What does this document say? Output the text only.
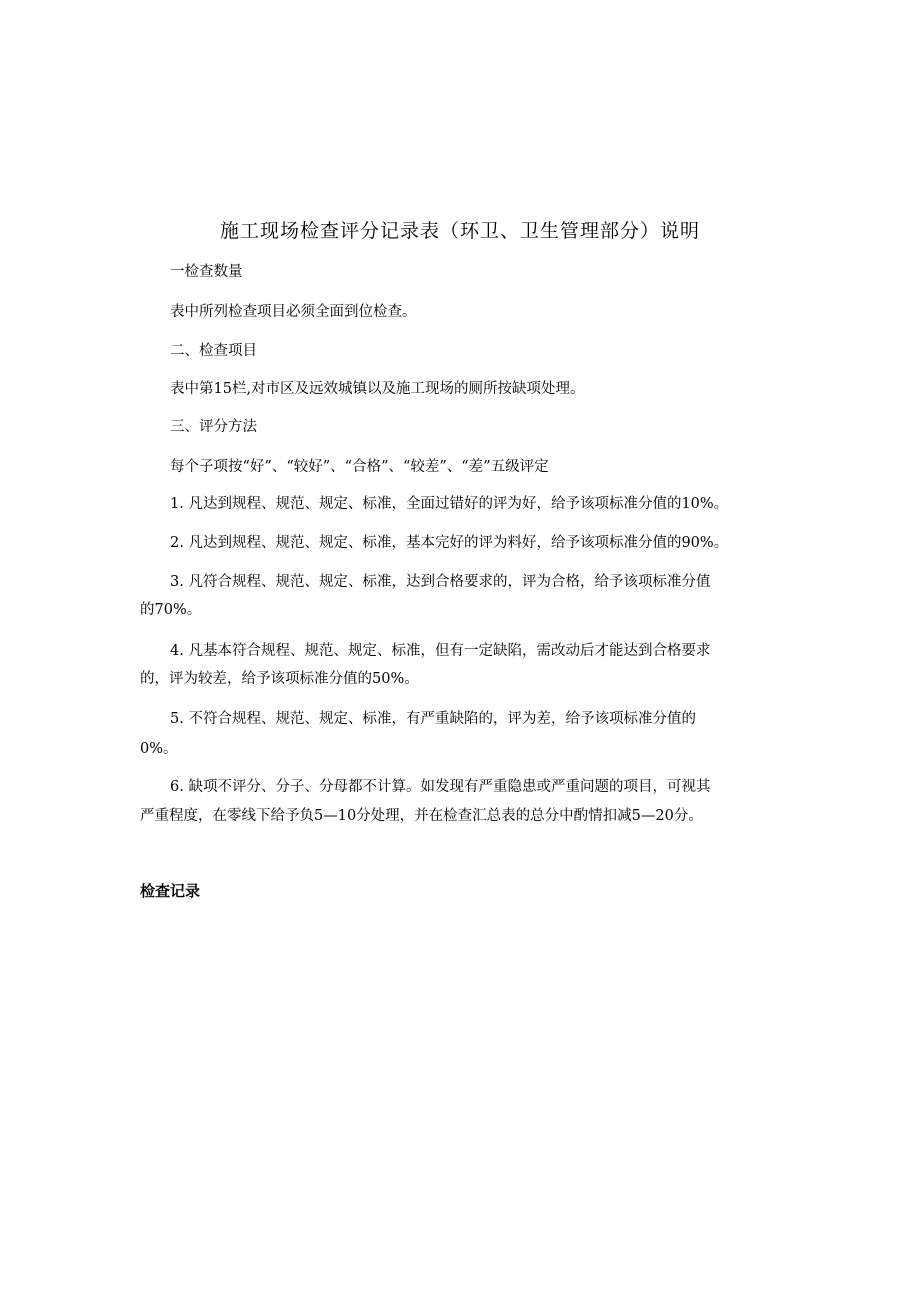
施工现场检查评分记录表（环卫、卫生管理部分）说明
一检查数量
表中所列检查项目必须全面到位检查。
二、检查项目
表中第15栏,对市区及远效城镇以及施工现场的厕所按缺项处理。
三、评分方法
每个子项按“好”、“较好”、“合格”、“较差”、“差”五级评定
1. 凡达到规程、规范、规定、标准，全面过错好的评为好，给予该项标准分值的10%。
2. 凡达到规程、规范、规定、标准，基本完好的评为料好，给予该项标准分值的90%。
3. 凡符合规程、规范、规定、标准，达到合格要求的，评为合格，给予该项标准分值
的70%。
4. 凡基本符合规程、规范、规定、标准，但有一定缺陷，需改动后才能达到合格要求
的，评为较差，给予该项标准分值的50%。
5. 不符合规程、规范、规定、标准，有严重缺陷的，评为差，给予该项标准分值的
0%。
6. 缺项不评分、分子、分母都不计算。如发现有严重隐患或严重问题的项目，可视其
严重程度，在零线下给予负5—10分处理，并在检查汇总表的总分中酌情扣减5—20分。
检查记录
